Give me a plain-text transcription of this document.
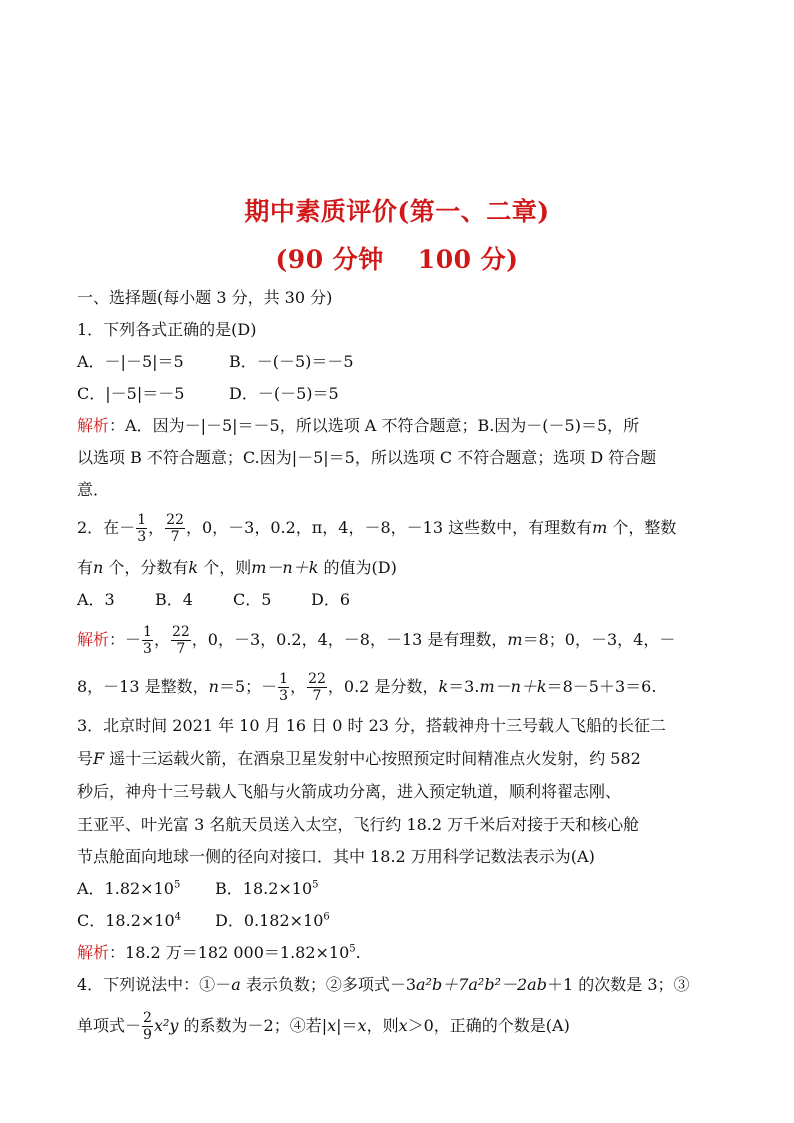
期中素质评价(第一、二章)
(90 分钟 100 分)
一、选择题(每小题 3 分，共 30 分)
1．下列各式正确的是(D)
A．－|－5|＝5	B．－(－5)＝－5
C．|－5|＝－5	D．－(－5)＝5
解析：A．因为－|－5|＝－5，所以选项 A 不符合题意；B.因为－(－5)＝5，所
以选项 B 不符合题意；C.因为|－5|＝5，所以选项 C 不符合题意；选项 D 符合题
意．
2．在－ $\frac{1}{3}$ ， $\frac{22}{7}$ ，0，－3，0.2，π，4，－8，－13 这些数中，有理数有m 个，整数
有n 个，分数有k 个，则m－n＋k 的值为(D)
A．3	B．4	C．5 D．6
解析：－ $\frac{1}{3}$ ， $\frac{22}{7}$ ，0，－3，0.2，4，－8，－13 是有理数，m＝8；0，－3，4，－
8，－13 是整数，n＝5；－ $\frac{1}{3}$ ， $\frac{22}{7}$ ，0.2 是分数，k＝3.m－n＋k＝8－5＋3＝6.
3．北京时间 2021 年 10 月 16 日 0 时 23 分，搭载神舟十三号载人飞船的长征二
号F 遥十三运载火箭，在酒泉卫星发射中心按照预定时间精准点火发射，约 582
秒后，神舟十三号载人飞船与火箭成功分离，进入预定轨道，顺利将翟志刚、
王亚平、叶光富 3 名航天员送入太空，飞行约 18.2 万千米后对接于天和核心舱
节点舱面向地球一侧的径向对接口．其中 18.2 万用科学记数法表示为(A)
A．$1.82\times 10^5$ B．$18.2\times 10^5$
C．$18.2\times 10^4$ D．$0.182\times 10^6$
解析：18.2 万＝182 $000=1.82\times 10^5$.
4．下列说法中：①－a 表示负数；②多项式－3a²b＋7a²b²－2ab＋1 的次数是 3；③
单项式－ $\frac{2}{9} x^2y$ 的系数为－2；④若|x|＝x，则x＞0，正确的个数是(A)
